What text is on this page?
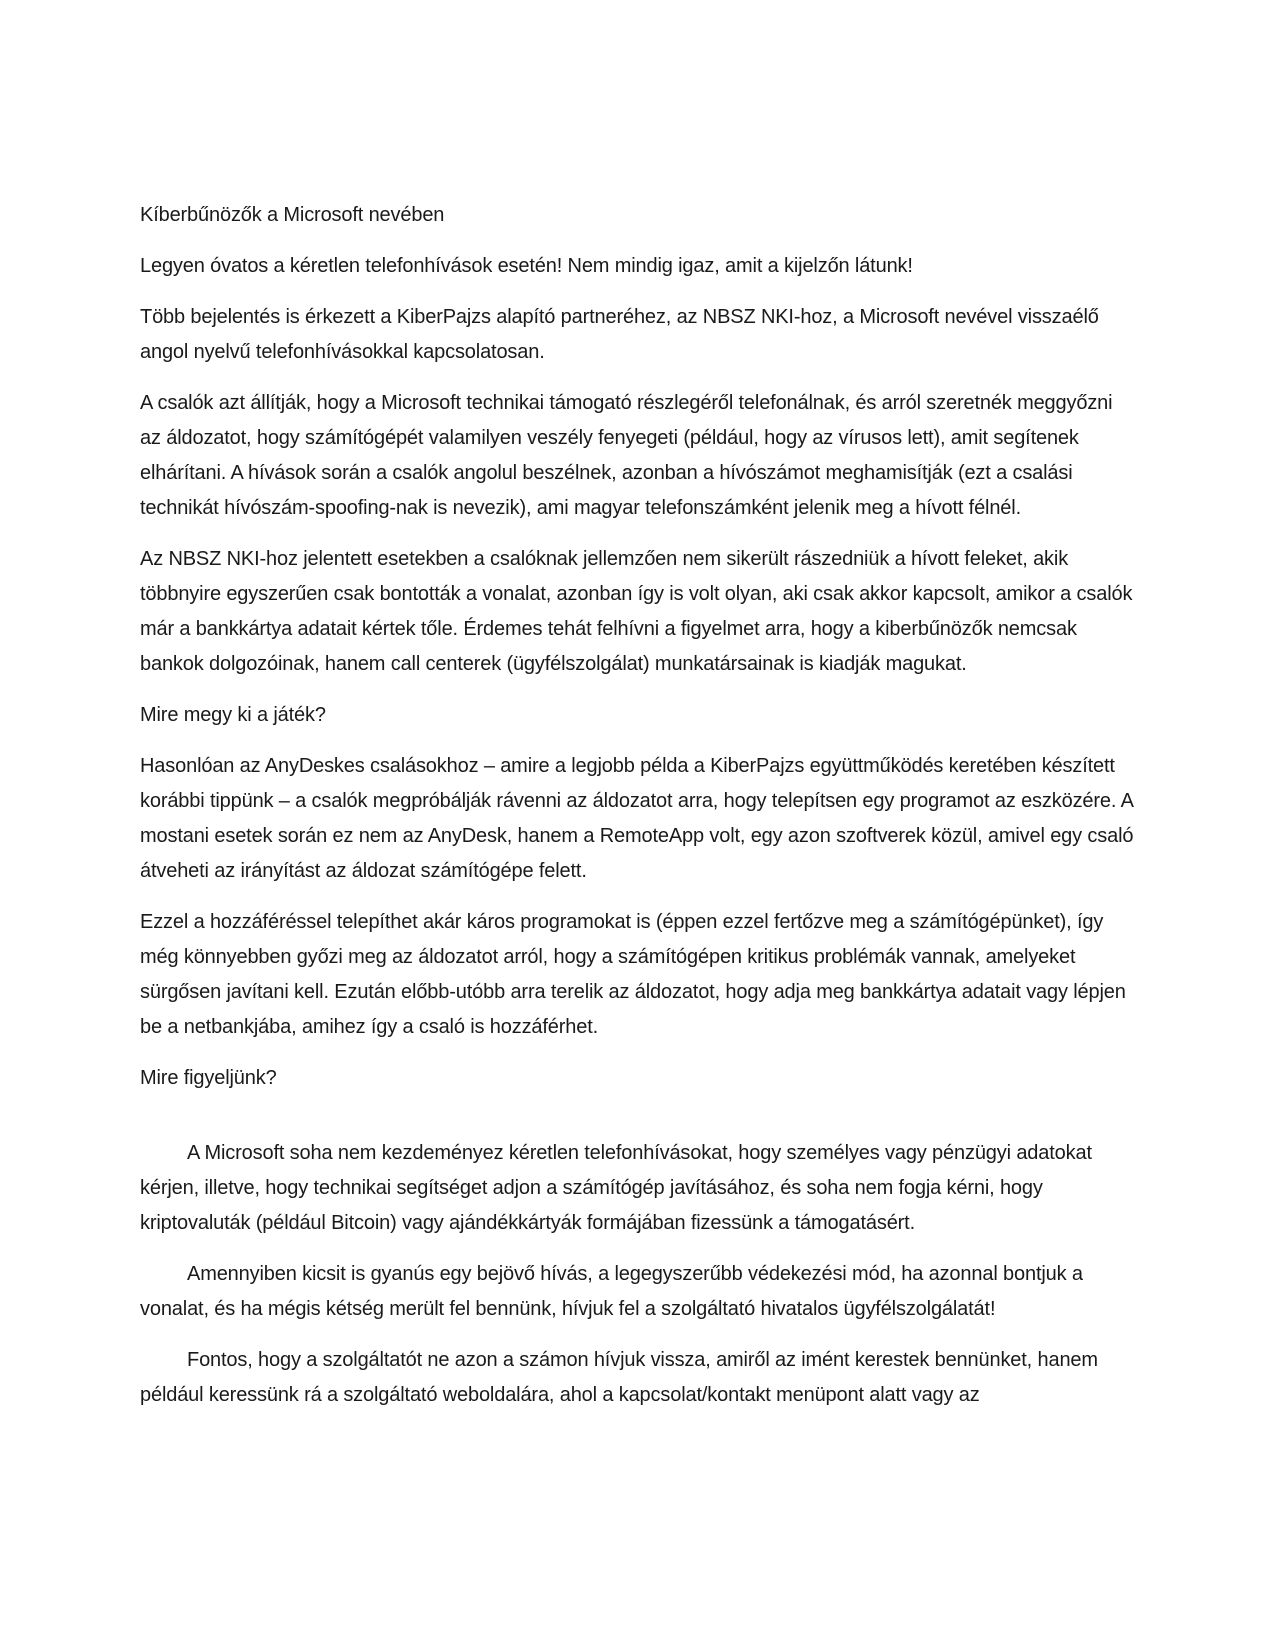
Kíberbűnözők a Microsoft nevében

Legyen óvatos a kéretlen telefonhívások esetén! Nem mindig igaz, amit a kijelzőn látunk!

Több bejelentés is érkezett a KiberPajzs alapító partneréhez, az NBSZ NKI-hoz, a Microsoft nevével visszaélő angol nyelvű telefonhívásokkal kapcsolatosan.

A csalók azt állítják, hogy a Microsoft technikai támogató részlegéről telefonálnak, és arról szeretnék meggyőzni az áldozatot, hogy számítógépét valamilyen veszély fenyegeti (például, hogy az vírusos lett), amit segítenek elhárítani. A hívások során a csalók angolul beszélnek, azonban a hívószámot meghamisítják (ezt a csalási technikát hívószám-spoofing-nak is nevezik), ami magyar telefonszámként jelenik meg a hívott félnél.

Az NBSZ NKI-hoz jelentett esetekben a csalóknak jellemzően nem sikerült rászedniük a hívott feleket, akik többnyire egyszerűen csak bontották a vonalat, azonban így is volt olyan, aki csak akkor kapcsolt, amikor a csalók már a bankkártya adatait kértek tőle. Érdemes tehát felhívni a figyelmet arra, hogy a kiberbűnözők nemcsak bankok dolgozóinak, hanem call centerek (ügyfélszolgálat) munkatársainak is kiadják magukat.

Mire megy ki a játék?

Hasonlóan az AnyDeskes csalásokhoz – amire a legjobb példa a KiberPajzs együttműködés keretében készített korábbi tippünk – a csalók megpróbálják rávenni az áldozatot arra, hogy telepítsen egy programot az eszközére. A mostani esetek során ez nem az AnyDesk, hanem a RemoteApp volt, egy azon szoftverek közül, amivel egy csaló átveheti az irányítást az áldozat számítógépe felett.

Ezzel a hozzáféréssel telepíthet akár káros programokat is (éppen ezzel fertőzve meg a számítógépünket), így még könnyebben győzi meg az áldozatot arról, hogy a számítógépen kritikus problémák vannak, amelyeket sürgősen javítani kell. Ezután előbb-utóbb arra terelik az áldozatot, hogy adja meg bankkártya adatait vagy lépjen be a netbankjába, amihez így a csaló is hozzáférhet.

Mire figyeljünk?

A Microsoft soha nem kezdeményez kéretlen telefonhívásokat, hogy személyes vagy pénzügyi adatokat kérjen, illetve, hogy technikai segítséget adjon a számítógép javításához, és soha nem fogja kérni, hogy kriptovaluták (például Bitcoin) vagy ajándékkártyák formájában fizessünk a támogatásért.

Amennyiben kicsit is gyanús egy bejövő hívás, a legegyszerűbb védekezési mód, ha azonnal bontjuk a vonalat, és ha mégis kétség merült fel bennünk, hívjuk fel a szolgáltató hivatalos ügyfélszolgálatát!

Fontos, hogy a szolgáltatót ne azon a számon hívjuk vissza, amiről az imént kerestek bennünket, hanem például keressünk rá a szolgáltató weboldalára, ahol a kapcsolat/kontakt menüpont alatt vagy az
